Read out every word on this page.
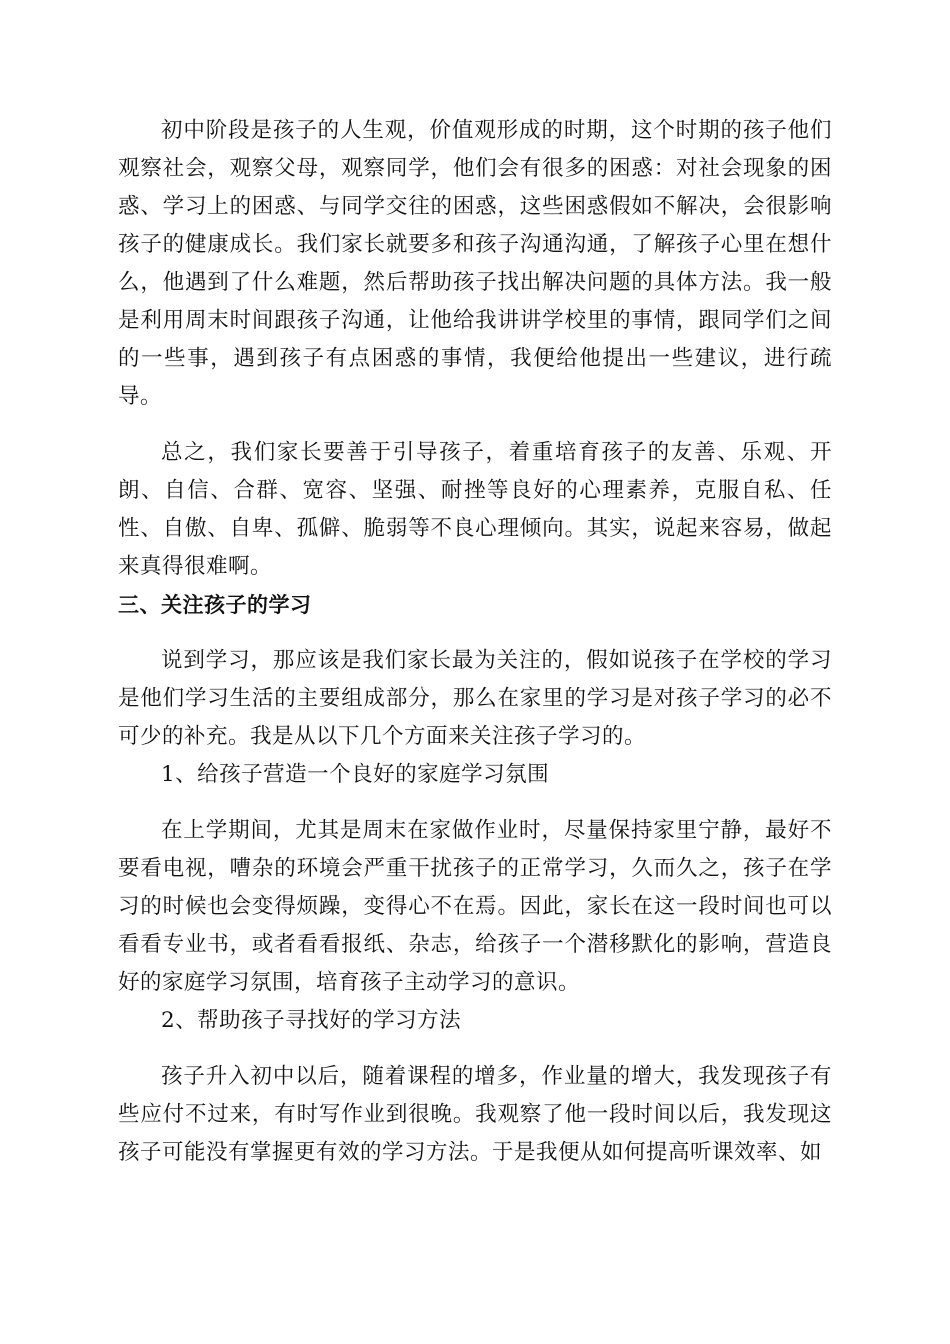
初中阶段是孩子的人生观，价值观形成的时期，这个时期的孩子他们观察社会，观察父母，观察同学，他们会有很多的困惑：对社会现象的困惑、学习上的困惑、与同学交往的困惑，这些困惑假如不解决，会很影响孩子的健康成长。我们家长就要多和孩子沟通沟通，了解孩子心里在想什么，他遇到了什么难题，然后帮助孩子找出解决问题的具体方法。我一般是利用周末时间跟孩子沟通，让他给我讲讲学校里的事情，跟同学们之间的一些事，遇到孩子有点困惑的事情，我便给他提出一些建议，进行疏导。

总之，我们家长要善于引导孩子，着重培育孩子的友善、乐观、开朗、自信、合群、宽容、坚强、耐挫等良好的心理素养，克服自私、任性、自傲、自卑、孤僻、脆弱等不良心理倾向。其实，说起来容易，做起来真得很难啊。

三、关注孩子的学习

说到学习，那应该是我们家长最为关注的，假如说孩子在学校的学习是他们学习生活的主要组成部分，那么在家里的学习是对孩子学习的必不可少的补充。我是从以下几个方面来关注孩子学习的。

1、给孩子营造一个良好的家庭学习氛围

在上学期间，尤其是周末在家做作业时，尽量保持家里宁静，最好不要看电视，嘈杂的环境会严重干扰孩子的正常学习，久而久之，孩子在学习的时候也会变得烦躁，变得心不在焉。因此，家长在这一段时间也可以看看专业书，或者看看报纸、杂志，给孩子一个潜移默化的影响，营造良好的家庭学习氛围，培育孩子主动学习的意识。

2、帮助孩子寻找好的学习方法

孩子升入初中以后，随着课程的增多，作业量的增大，我发现孩子有些应付不过来，有时写作业到很晚。我观察了他一段时间以后，我发现这孩子可能没有掌握更有效的学习方法。于是我便从如何提高听课效率、如
